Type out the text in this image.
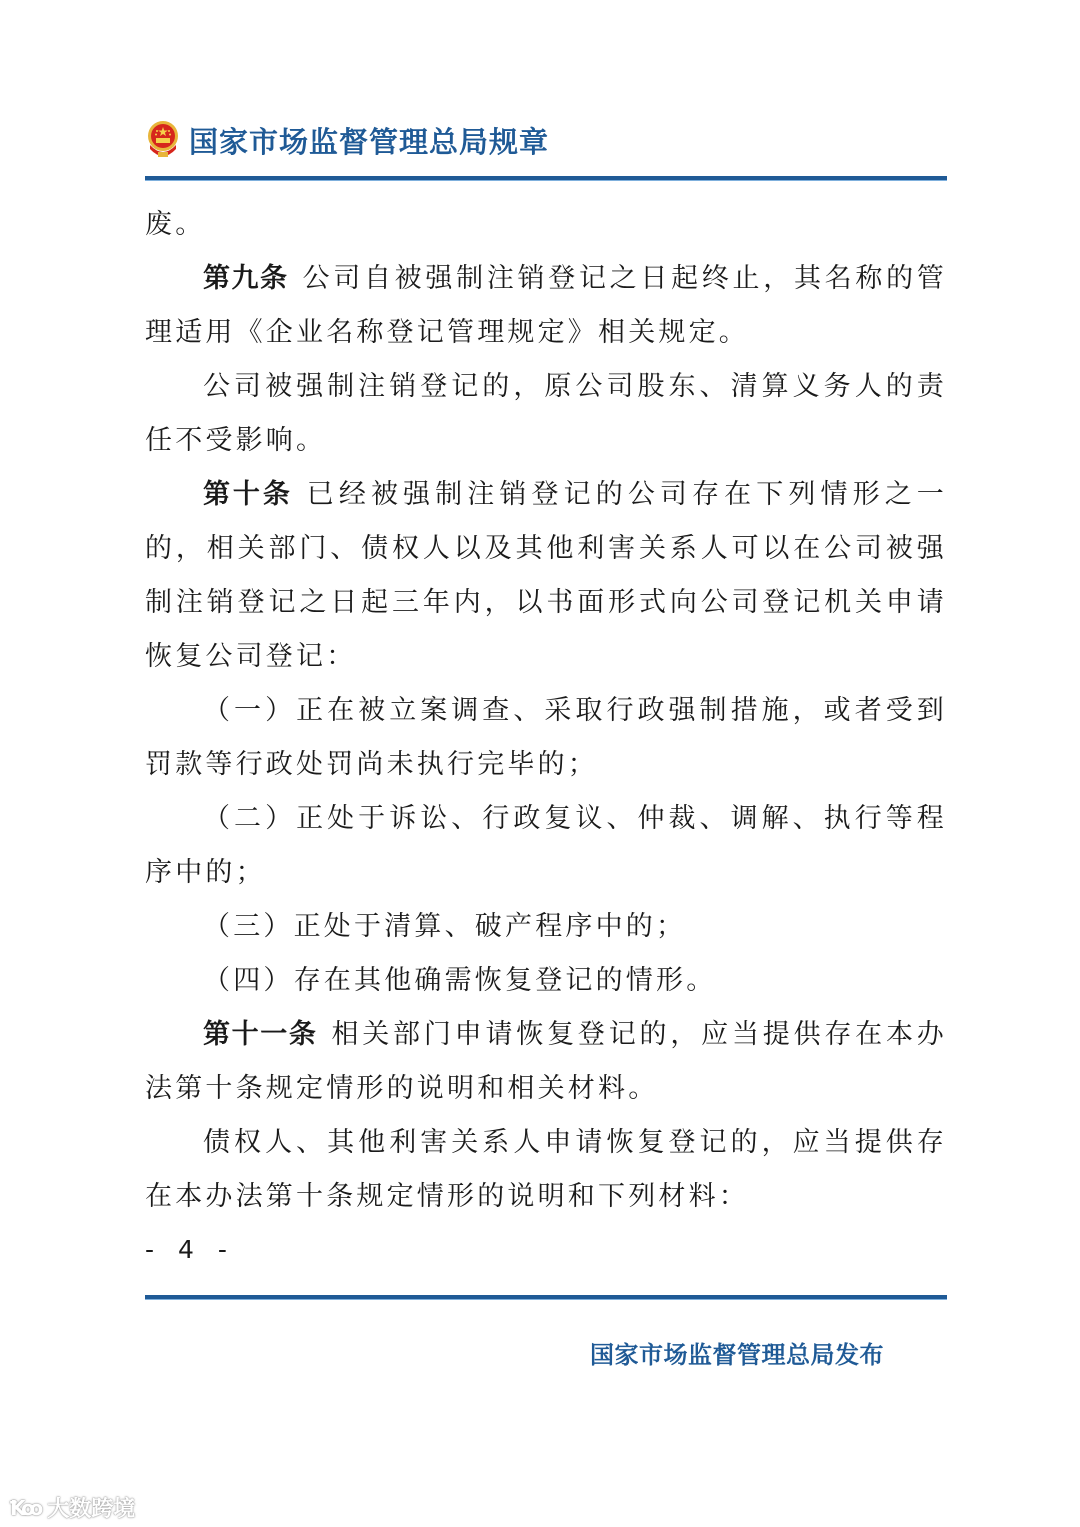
国家市场监督管理总局规章

废。

第九条 公司自被强制注销登记之日起终止，其名称的管理适用《企业名称登记管理规定》相关规定。

公司被强制注销登记的，原公司股东、清算义务人的责任不受影响。

第十条 已经被强制注销登记的公司存在下列情形之一的，相关部门、债权人以及其他利害关系人可以在公司被强制注销登记之日起三年内，以书面形式向公司登记机关申请恢复公司登记：

（一）正在被立案调查、采取行政强制措施，或者受到罚款等行政处罚尚未执行完毕的；

（二）正处于诉讼、行政复议、仲裁、调解、执行等程序中的；

（三）正处于清算、破产程序中的；

（四）存在其他确需恢复登记的情形。

第十一条 相关部门申请恢复登记的，应当提供存在本办法第十条规定情形的说明和相关材料。

债权人、其他利害关系人申请恢复登记的，应当提供存在本办法第十条规定情形的说明和下列材料：

- 4 -
国家市场监督管理总局发布
Ꝁꝏ 大数跨境
